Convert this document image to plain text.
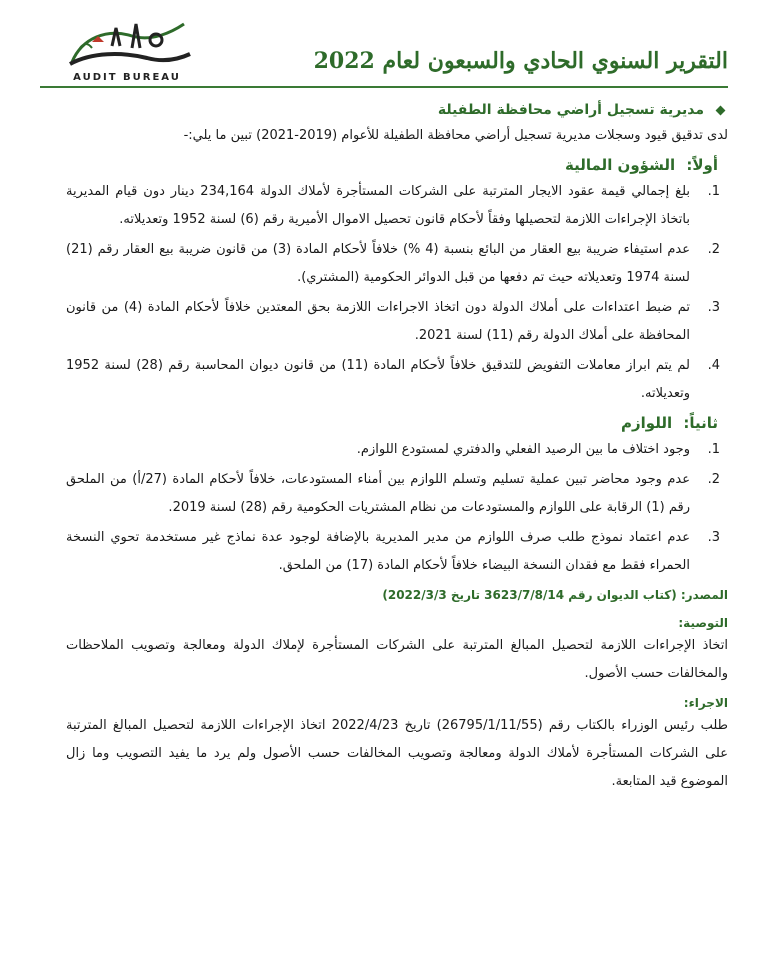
AUDIT BUREAU
التقرير السنوي الحادي والسبعون لعام 2022
مديرية تسجيل أراضي محافظة الطفيلة
لدى تدقيق قيود وسجلات مديرية تسجيل أراضي محافظة الطفيلة للأعوام (2019-2021) تبين ما يلي:-
أولاً: الشؤون المالية
1.
بلغ إجمالي قيمة عقود الايجار المترتبة على الشركات المستأجرة لأملاك الدولة 234,164 دينار دون قيام المديرية باتخاذ الإجراءات اللازمة لتحصيلها وفقاً لأحكام قانون تحصيل الاموال الأميرية رقم (6) لسنة 1952 وتعديلاته.
2.
عدم استيفاء ضريبة بيع العقار من البائع بنسبة (4 %) خلافاً لأحكام المادة (3) من قانون ضريبة بيع العقار رقم (21) لسنة 1974 وتعديلاته حيث تم دفعها من قبل الدوائر الحكومية (المشتري).
3.
تم ضبط اعتداءات على أملاك الدولة دون اتخاذ الاجراءات اللازمة بحق المعتدين خلافاً لأحكام المادة (4) من قانون المحافظة على أملاك الدولة رقم (11) لسنة 2021.
4.
لم يتم ابراز معاملات التفويض للتدقيق خلافاً لأحكام المادة (11) من قانون ديوان المحاسبة رقم (28) لسنة 1952 وتعديلاته.
ثانياً: اللوازم
1.
وجود اختلاف ما بين الرصيد الفعلي والدفتري لمستودع اللوازم.
2.
عدم وجود محاضر تبين عملية تسليم وتسلم اللوازم بين أمناء المستودعات، خلافاً لأحكام المادة (27/أ) من الملحق رقم (1) الرقابة على اللوازم والمستودعات من نظام المشتريات الحكومية رقم (28) لسنة 2019.
3.
عدم اعتماد نموذج طلب صرف اللوازم من مدير المديرية بالإضافة لوجود عدة نماذج غير مستخدمة تحوي النسخة الحمراء فقط مع فقدان النسخة البيضاء خلافاً لأحكام المادة (17) من الملحق.
المصدر: (كتاب الديوان رقم 3623/7/8/14 تاريخ 2022/3/3)
التوصية:
اتخاذ الإجراءات اللازمة لتحصيل المبالغ المترتبة على الشركات المستأجرة لإملاك الدولة ومعالجة وتصويب الملاحظات والمخالفات حسب الأصول.
الاجراء:
طلب رئيس الوزراء بالكتاب رقم (26795/1/11/55) تاريخ 2022/4/23 اتخاذ الإجراءات اللازمة لتحصيل المبالغ المترتبة على الشركات المستأجرة لأملاك الدولة ومعالجة وتصويب المخالفات حسب الأصول ولم يرد ما يفيد التصويب وما زال الموضوع قيد المتابعة.
